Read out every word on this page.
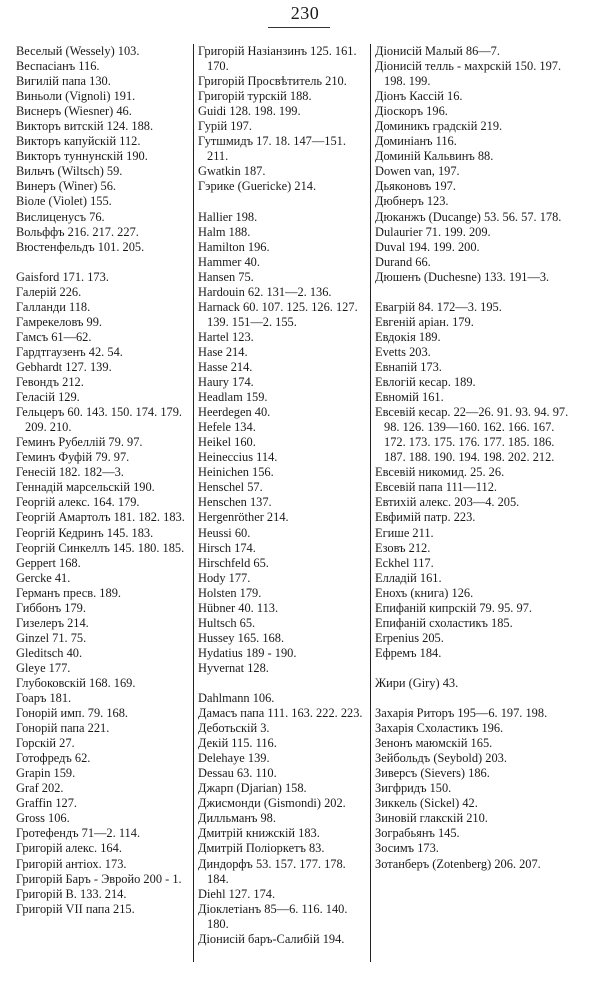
230
Веселый (Wessely) 103.
Веспасіанъ 116.
Вигилій папа 130.
Виньоли (Vignoli) 191.
Виснеръ (Wiesner) 46.
Викторъ витскій 124. 188.
Викторъ капуйскій 112.
Викторъ туннунскій 190.
Вильчъ (Wiltsch) 59.
Винеръ (Winer) 56.
Віоле (Violet) 155.
Вислиценусъ 76.
Вольффъ 216. 217. 227.
Вюстенфельдъ 101. 205.
Gaisford 171. 173.
Галерій 226.
Галланди 118.
Гамрекеловъ 99.
Гамсъ 61—62.
Гардтгаузенъ 42. 54.
Gebhardt 127. 139.
Гевондъ 212.
Геласій 129.
Гельцеръ 60. 143. 150. 174. 179. 209. 210.
Геминъ Рубеллій 79. 97.
Геминъ Фуфій 79. 97.
Генесій 182. 182—3.
Геннадій марсельскій 190.
Георгій алекс. 164. 179.
Георгій Амартолъ 181. 182. 183.
Георгій Кедринъ 145. 183.
Георгій Синкеллъ 145. 180. 185.
Geppert 168.
Gercke 41.
Германъ пресв. 189.
Гиббонъ 179.
Гизелеръ 214.
Ginzel 71. 75.
Gleditsch 40.
Gleye 177.
Глубоковскій 168. 169.
Гоаръ 181.
Гонорій имп. 79. 168.
Гонорій папа 221.
Горскій 27.
Готофредъ 62.
Grapin 159.
Graf 202.
Graffin 127.
Gross 106.
Гротефендъ 71—2. 114.
Григорій алекс. 164.
Григорій антіох. 173.
Григорій Баръ - Эвройо 200 - 1.
Григорій В. 133. 214.
Григорій VII папа 215.
Григорій Назіанзинъ 125. 161. 170.
Григорій Просвѣтитель 210.
Григорій турскій 188.
Guidi 128. 198. 199.
Гурій 197.
Гутшмидъ 17. 18. 147—151. 211.
Gwatkin 187.
Гэрике (Guericke) 214.
Hallier 198.
Halm 188.
Hamilton 196.
Hammer 40.
Hansen 75.
Hardouin 62. 131—2. 136.
Harnack 60. 107. 125. 126. 127. 139. 151—2. 155.
Hartel 123.
Hase 214.
Hasse 214.
Haury 174.
Headlam 159.
Heerdegen 40.
Hefele 134.
Heikel 160.
Heineccius 114.
Heinichen 156.
Henschel 57.
Henschen 137.
Hergenröther 214.
Heussi 60.
Hirsch 174.
Hirschfeld 65.
Hody 177.
Holsten 179.
Hübner 40. 113.
Hultsch 65.
Hussey 165. 168.
Hydatius 189 - 190.
Hyvernat 128.
Dahlmann 106.
Дамасъ папа 111. 163. 222. 223.
Деботьскій 3.
Декій 115. 116.
Delehaye 139.
Dessau 63. 110.
Джарп (Djarian) 158.
Джисмонди (Gismondi) 202.
Дилльманъ 98.
Дмитрій книжскій 183.
Дмитрій Поліоркетъ 83.
Диндорфъ 53. 157. 177. 178. 184.
Diehl 127. 174.
Діоклетіанъ 85—6. 116. 140. 180.
Діонисій баръ-Салибій 194.
Діонисій Малый 86—7.
Діонисій телль - махрскій 150. 197. 198. 199.
Діонъ Кассій 16.
Діоскоръ 196.
Доминикъ градскій 219.
Доминіанъ 116.
Доминій Кальвинъ 88.
Dowen van, 197.
Дьяконовъ 197.
Дюбнеръ 123.
Дюканжъ (Ducange) 53. 56. 57. 178.
Dulaurier 71. 199. 209.
Duval 194. 199. 200.
Durand 66.
Дюшенъ (Duchesne) 133. 191—3.
Евагрій 84. 172—3. 195.
Евгеній аріан. 179.
Евдокія 189.
Evetts 203.
Евнапій 173.
Евлогій кесар. 189.
Евномій 161.
Евсевій кесар. 22—26. 91. 93. 94. 97. 98. 126. 139—160. 162. 166. 167. 172. 173. 175. 176. 177. 185. 186. 187. 188. 190. 194. 198. 202. 212.
Евсевій никомид. 25. 26.
Евсевій папа 111—112.
Евтихій алекс. 203—4. 205.
Евфимій патр. 223.
Егише 211.
Езовъ 212.
Eckhel 117.
Елладій 161.
Енохъ (книга) 126.
Епифаній кипрскій 79. 95. 97.
Епифаній схоластикъ 185.
Erpenius 205.
Ефремъ 184.
Жири (Giry) 43.
Захарія Риторъ 195—6. 197. 198.
Захарія Схоластикъ 196.
Зенонъ маюмскій 165.
Зейбольдъ (Seybold) 203.
Зиверсъ (Sievers) 186.
Зигфридъ 150.
Зиккель (Sickel) 42.
Зиновій глакскій 210.
Зограбьянъ 145.
Зосимъ 173.
Зотанберъ (Zotenberg) 206. 207.
